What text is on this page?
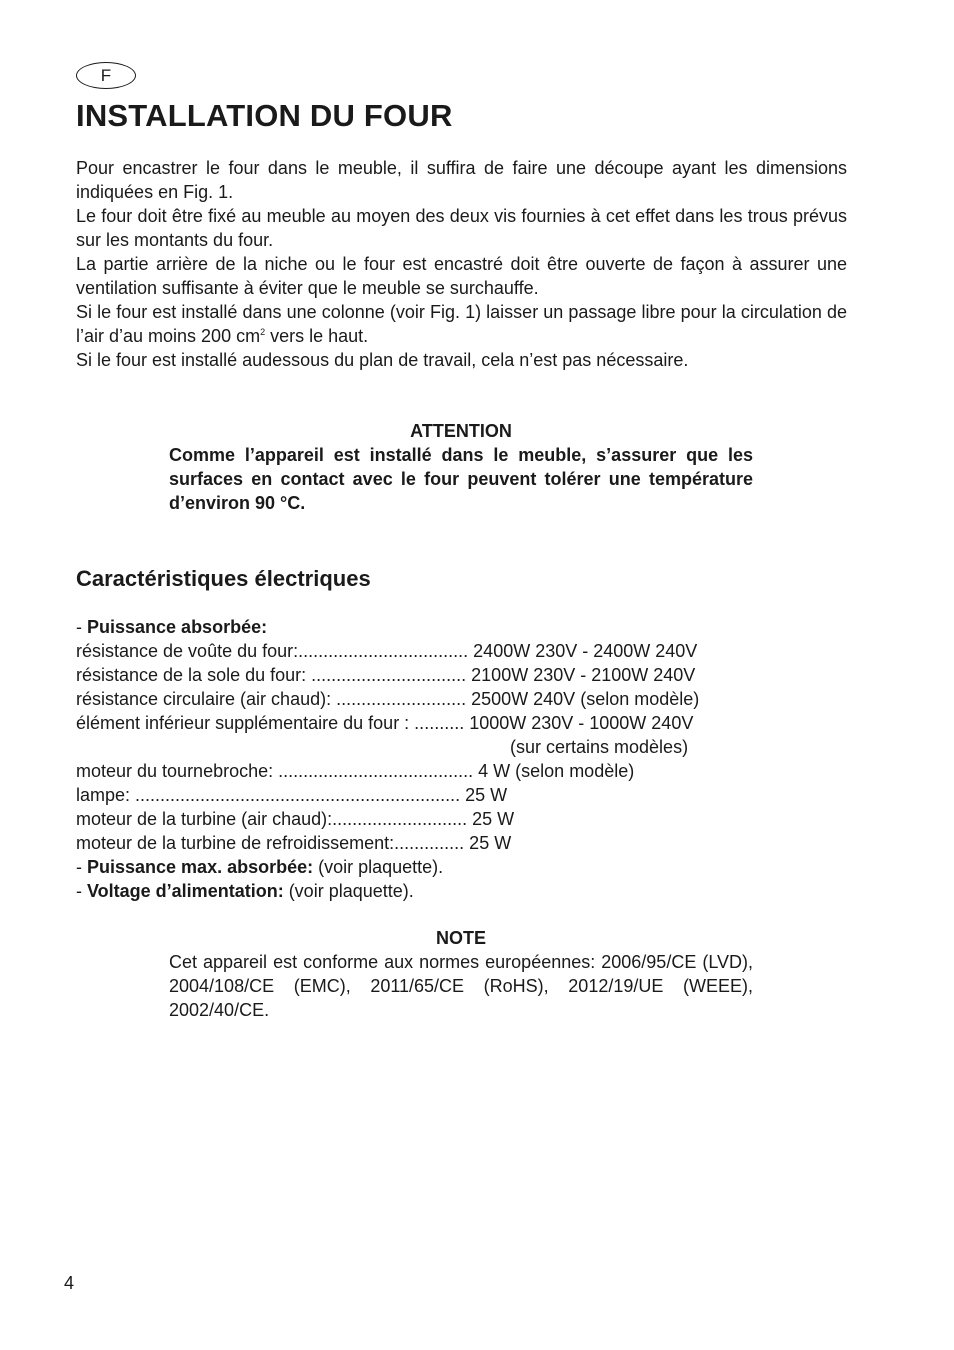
F
INSTALLATION DU FOUR

Pour encastrer le four dans le meuble, il suffira de faire une découpe ayant les dimensions indiquées en Fig. 1.

Le four doit être fixé au meuble au moyen des deux vis fournies à cet effet dans les trous prévus sur les montants du four.

La partie arrière de la niche ou le four est encastré doit être ouverte de façon à assurer une ventilation suffisante à éviter que le meuble se surchauffe.

Si le four est installé dans une colonne (voir Fig. 1) laisser un passage libre pour la circulation de l’air d’au moins 200 $cm^2$ vers le haut.

Si le four est installé audessous du plan de travail, cela n’est pas nécessaire.

ATTENTION
Comme l’appareil est installé dans le meuble, s’assurer que les surfaces en contact avec le four peuvent tolérer une température d’environ 90 °C.
Caractéristiques électriques
- Puissance absorbée:
résistance de voûte du four:.................................. 2400W 230V - 2400W 240V
résistance de la sole du four: ............................... 2100W 230V - 2100W 240V
résistance circulaire (air chaud): .......................... 2500W 240V (selon modèle)
élément inférieur supplémentaire du four : .......... 1000W 230V - 1000W 240V
(sur certains modèles)
moteur du tournebroche: ....................................... 4 W (selon modèle)
lampe: ................................................................. 25 W
moteur de la turbine (air chaud):........................... 25 W
moteur de la turbine de refroidissement:.............. 25 W
- Puissance max. absorbée: (voir plaquette).
- Voltage d’alimentation: (voir plaquette).
NOTE
Cet appareil est conforme aux normes européennes: 2006/95/CE (LVD), 2004/108/CE (EMC), 2011/65/CE (RoHS), 2012/19/UE (WEEE), 2002/40/CE.
4
